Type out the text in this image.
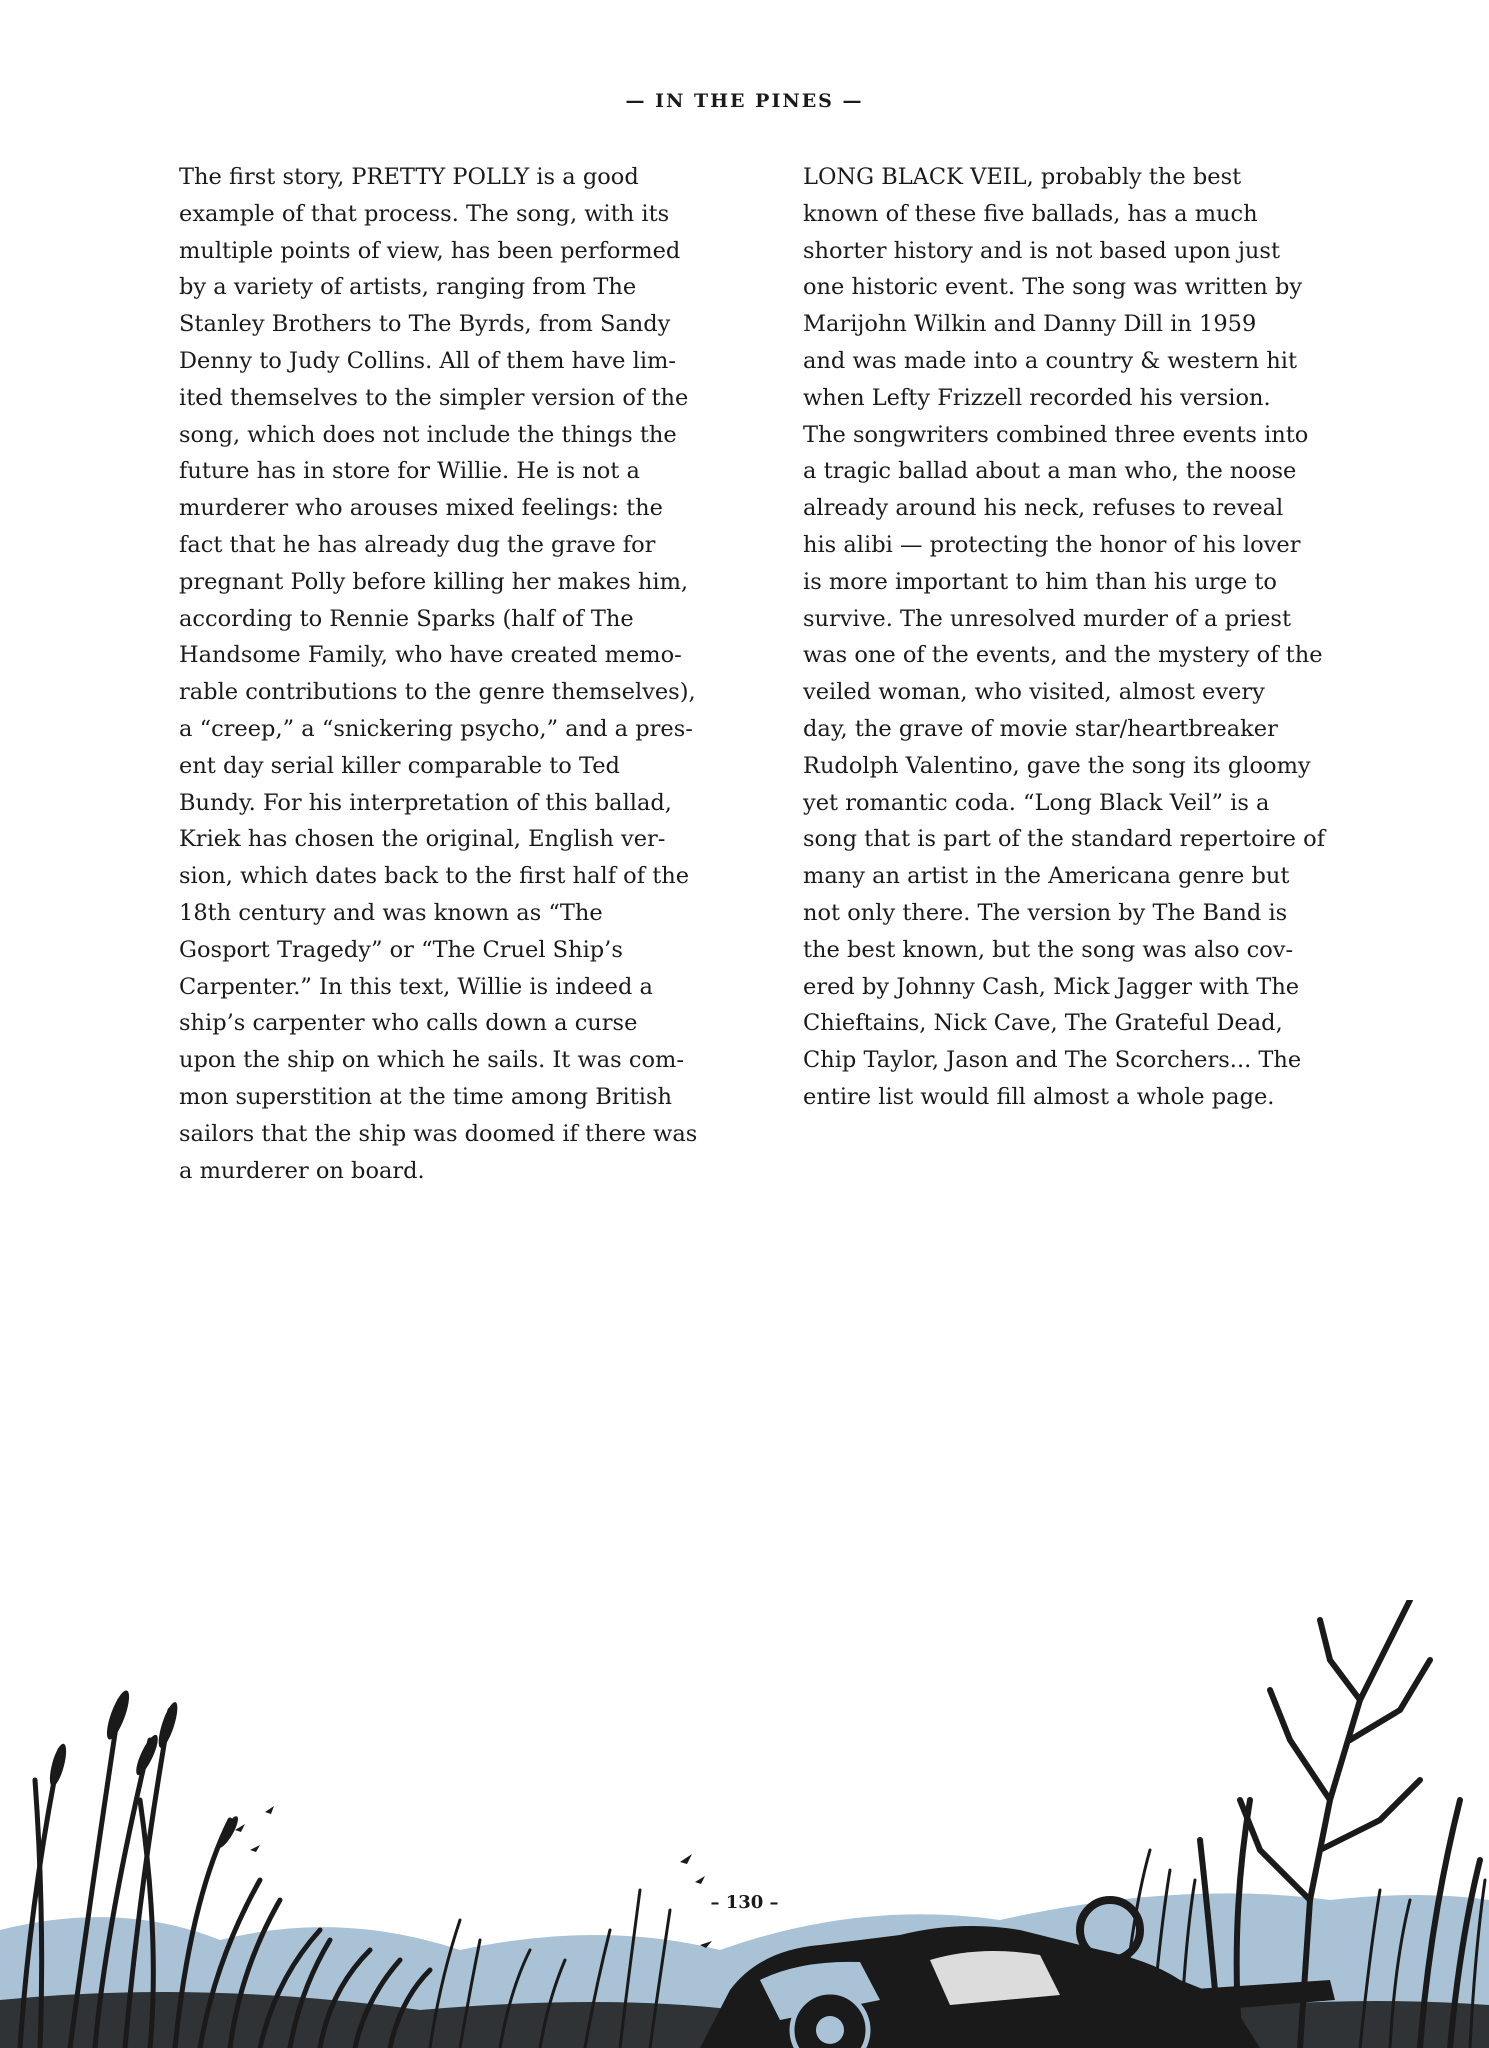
— IN THE PINES —
The first story, PRETTY POLLY is a good
example of that process. The song, with its
multiple points of view, has been performed
by a variety of artists, ranging from The
Stanley Brothers to The Byrds, from Sandy
Denny to Judy Collins. All of them have lim-
ited themselves to the simpler version of the
song, which does not include the things the
future has in store for Willie. He is not a
murderer who arouses mixed feelings: the
fact that he has already dug the grave for
pregnant Polly before killing her makes him,
according to Rennie Sparks (half of The
Handsome Family, who have created memo-
rable contributions to the genre themselves),
a “creep,” a “snickering psycho,” and a pres-
ent day serial killer comparable to Ted
Bundy. For his interpretation of this ballad,
Kriek has chosen the original, English ver-
sion, which dates back to the first half of the
18th century and was known as “The
Gosport Tragedy” or “The Cruel Ship’s
Carpenter.” In this text, Willie is indeed a
ship’s carpenter who calls down a curse
upon the ship on which he sails. It was com-
mon superstition at the time among British
sailors that the ship was doomed if there was
a murderer on board.
LONG BLACK VEIL, probably the best
known of these five ballads, has a much
shorter history and is not based upon just
one historic event. The song was written by
Marijohn Wilkin and Danny Dill in 1959
and was made into a country & western hit
when Lefty Frizzell recorded his version.
The songwriters combined three events into
a tragic ballad about a man who, the noose
already around his neck, refuses to reveal
his alibi — protecting the honor of his lover
is more important to him than his urge to
survive. The unresolved murder of a priest
was one of the events, and the mystery of the
veiled woman, who visited, almost every
day, the grave of movie star/heartbreaker
Rudolph Valentino, gave the song its gloomy
yet romantic coda. “Long Black Veil” is a
song that is part of the standard repertoire of
many an artist in the Americana genre but
not only there. The version by The Band is
the best known, but the song was also cov-
ered by Johnny Cash, Mick Jagger with The
Chieftains, Nick Cave, The Grateful Dead,
Chip Taylor, Jason and The Scorchers... The
entire list would fill almost a whole page.
– 130 –
